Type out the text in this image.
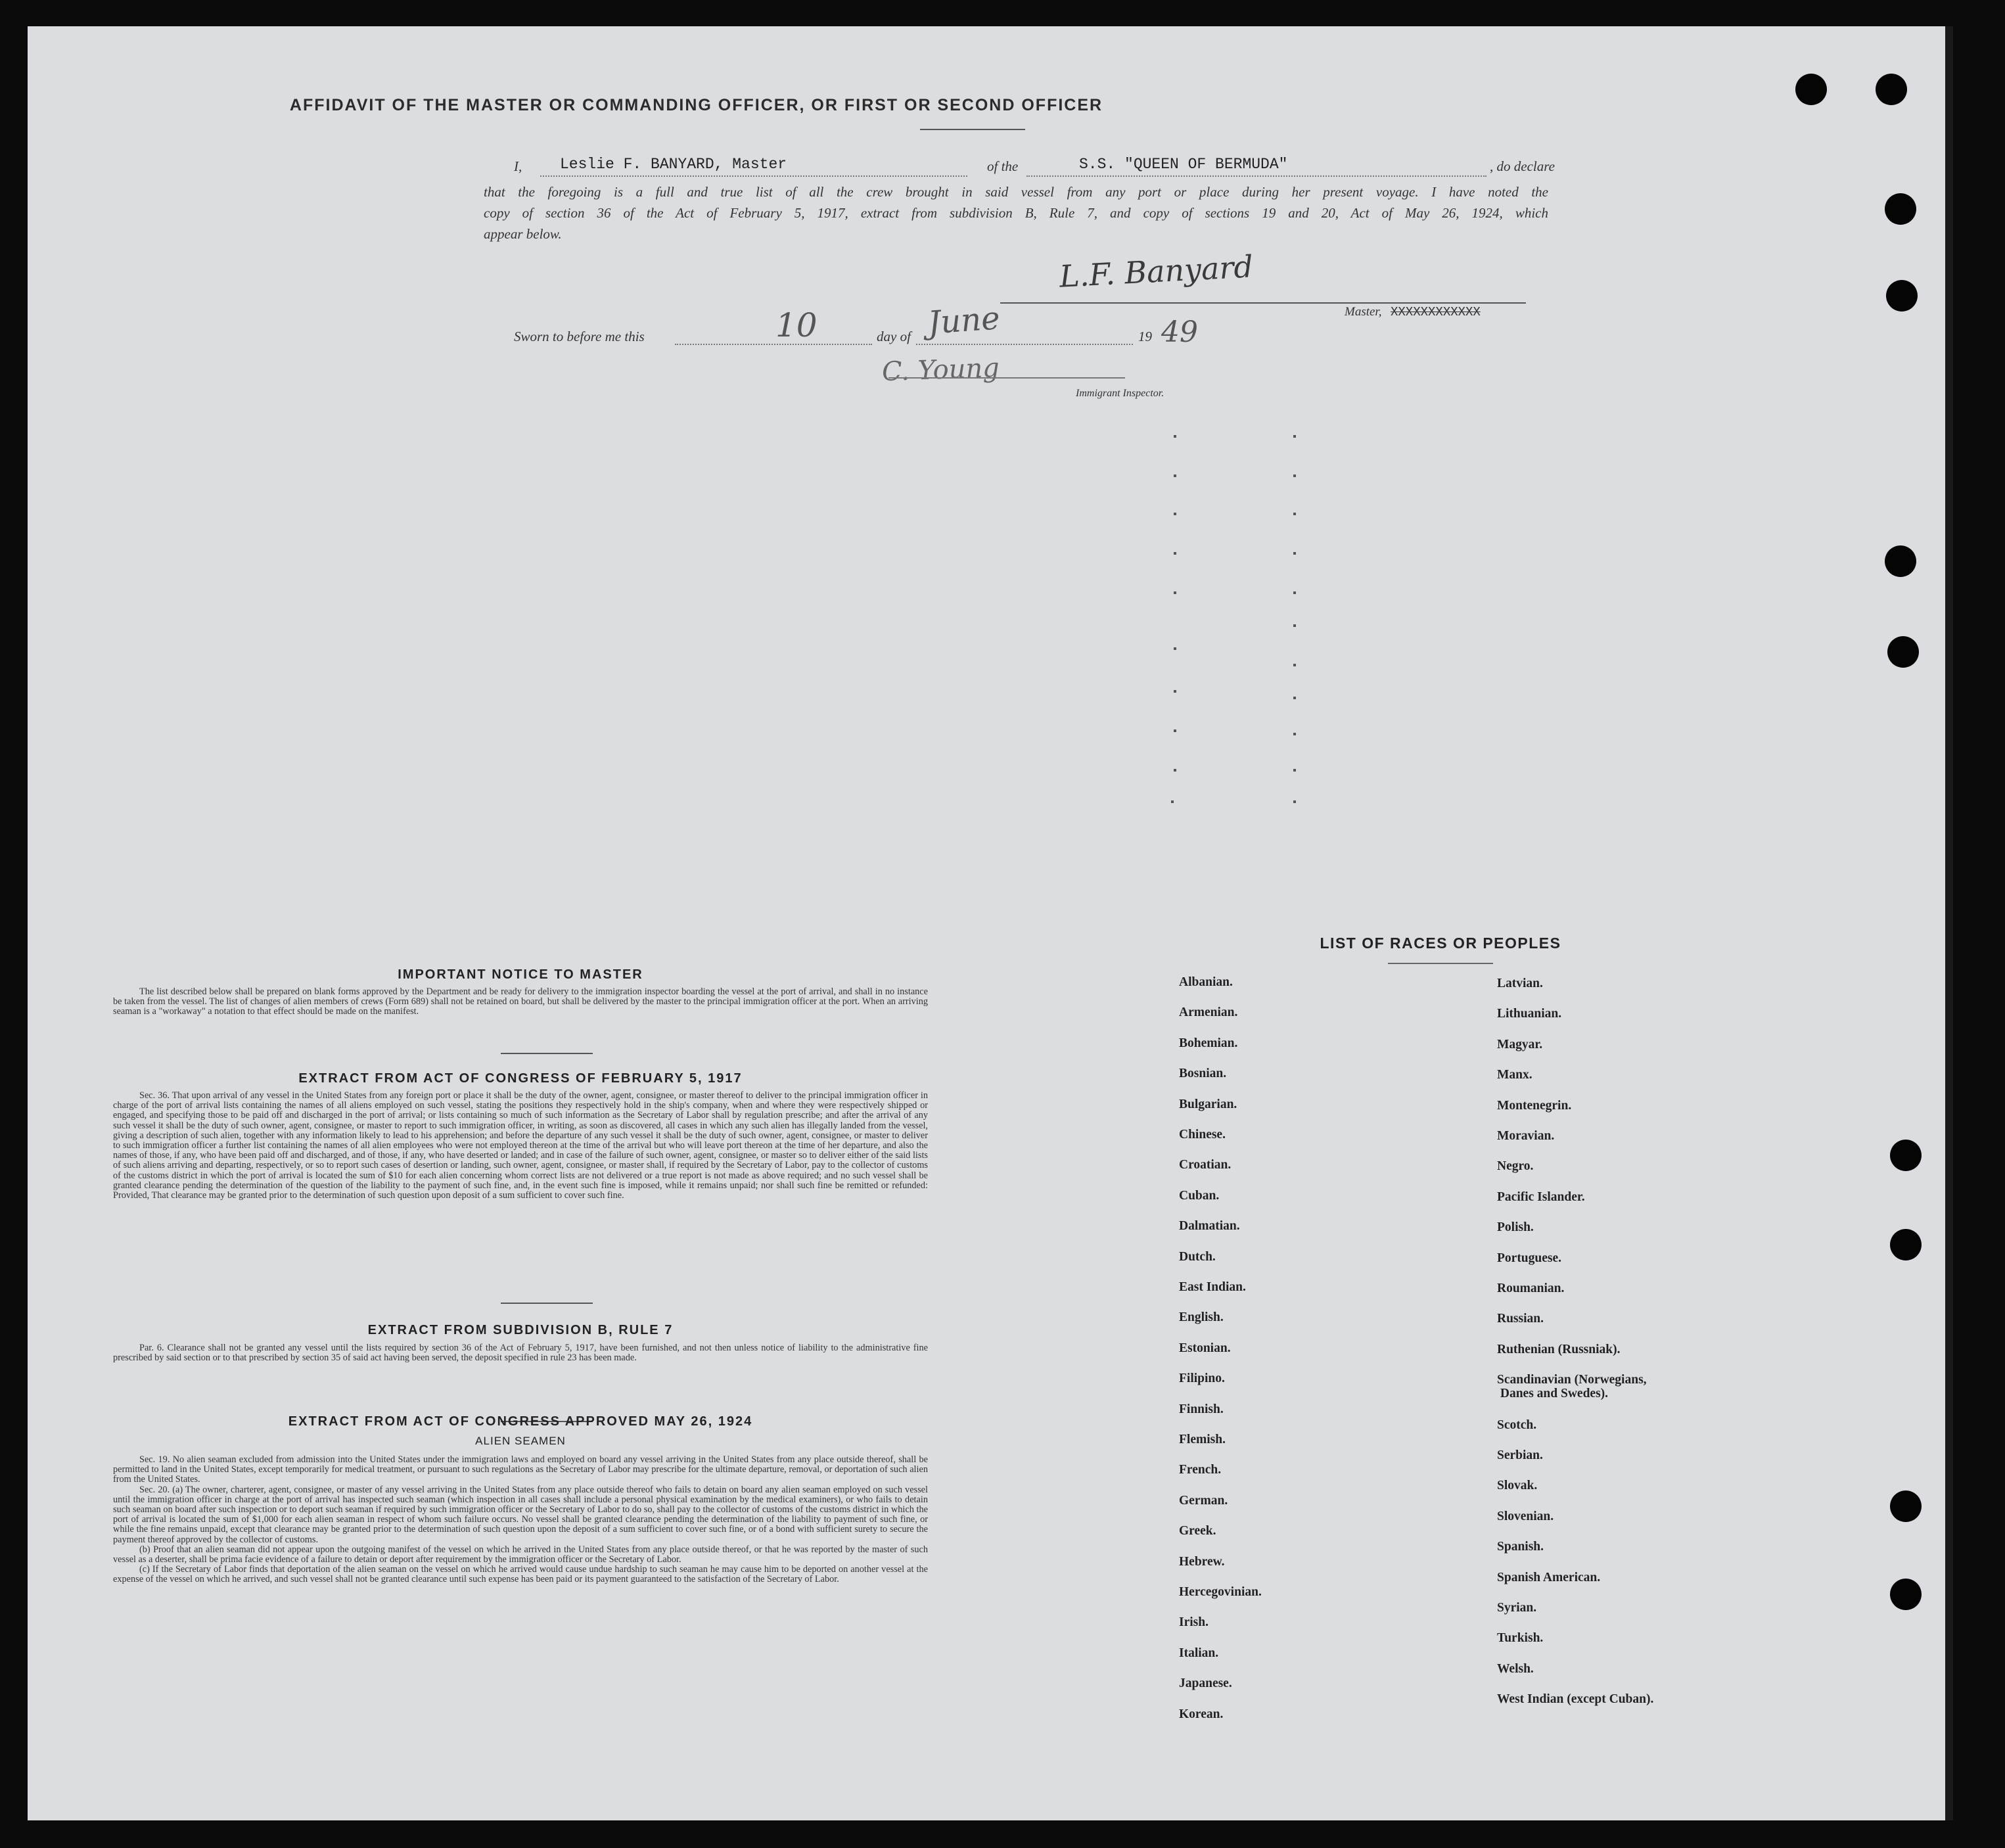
AFFIDAVIT OF THE MASTER OR COMMANDING OFFICER, OR FIRST OR SECOND OFFICER
I,	Leslie F. BANYARD, Master	of the	S.S. "QUEEN OF BERMUDA"	, do declare
that the foregoing is a full and true list of all the crew brought in said vessel from any port or place during her present voyage. I have noted the
copy of section 36 of the Act of February 5, 1917, extract from subdivision B, Rule 7, and copy of sections 19 and 20, Act of May 26, 1924, which
appear below.
L.F. Banyard
Master, XXXXXXXXXXXX
Sworn to before me this	10	day of June	19 49
C. Young
Immigrant Inspector.
IMPORTANT NOTICE TO MASTER
The list described below shall be prepared on blank forms approved by the Department and be ready for delivery to the immigration inspector boarding the vessel at the port of arrival, and shall in no instance be taken from the vessel. The list of changes of alien members of crews (Form 689) shall not be retained on board, but shall be delivered by the master to the principal immigration officer at the port. When an arriving seaman is a "workaway" a notation to that effect should be made on the manifest.
EXTRACT FROM ACT OF CONGRESS OF FEBRUARY 5, 1917
Sec. 36. That upon arrival of any vessel in the United States from any foreign port or place it shall be the duty of the owner, agent, consignee, or master thereof to deliver to the principal immigration officer in charge of the port of arrival lists containing the names of all aliens employed on such vessel, stating the positions they respectively hold in the ship's company, when and where they were respectively shipped or engaged, and specifying those to be paid off and discharged in the port of arrival; or lists containing so much of such information as the Secretary of Labor shall by regulation prescribe; and after the arrival of any such vessel it shall be the duty of such owner, agent, consignee, or master to report to such immigration officer, in writing, as soon as discovered, all cases in which any such alien has illegally landed from the vessel, giving a description of such alien, together with any information likely to lead to his apprehension; and before the departure of any such vessel it shall be the duty of such owner, agent, consignee, or master to deliver to such immigration officer a further list containing the names of all alien employees who were not employed thereon at the time of the arrival but who will leave port thereon at the time of her departure, and also the names of those, if any, who have been paid off and discharged, and of those, if any, who have deserted or landed; and in case of the failure of such owner, agent, consignee, or master so to deliver either of the said lists of such aliens arriving and departing, respectively, or so to report such cases of desertion or landing, such owner, agent, consignee, or master shall, if required by the Secretary of Labor, pay to the collector of customs of the customs district in which the port of arrival is located the sum of $10 for each alien concerning whom correct lists are not delivered or a true report is not made as above required; and no such vessel shall be granted clearance pending the determination of the question of the liability to the payment of such fine, and, in the event such fine is imposed, while it remains unpaid; nor shall such fine be remitted or refunded: Provided, That clearance may be granted prior to the determination of such question upon deposit of a sum sufficient to cover such fine.
EXTRACT FROM SUBDIVISION B, RULE 7
Par. 6. Clearance shall not be granted any vessel until the lists required by section 36 of the Act of February 5, 1917, have been furnished, and not then unless notice of liability to the administrative fine prescribed by said section or to that prescribed by section 35 of said act having been served, the deposit specified in rule 23 has been made.
EXTRACT FROM ACT OF CONGRESS APPROVED MAY 26, 1924
ALIEN SEAMEN
Sec. 19. No alien seaman excluded from admission into the United States under the immigration laws and employed on board any vessel arriving in the United States from any place outside thereof, shall be permitted to land in the United States, except temporarily for medical treatment, or pursuant to such regulations as the Secretary of Labor may prescribe for the ultimate departure, removal, or deportation of such alien from the United States.
Sec. 20. (a) The owner, charterer, agent, consignee, or master of any vessel arriving in the United States from any place outside thereof who fails to detain on board any alien seaman employed on such vessel until the immigration officer in charge at the port of arrival has inspected such seaman (which inspection in all cases shall include a personal physical examination by the medical examiners), or who fails to detain such seaman on board after such inspection or to deport such seaman if required by such immigration officer or the Secretary of Labor to do so, shall pay to the collector of customs of the customs district in which the port of arrival is located the sum of $1,000 for each alien seaman in respect of whom such failure occurs. No vessel shall be granted clearance pending the determination of the liability to payment of such fine, or while the fine remains unpaid, except that clearance may be granted prior to the determination of such question upon the deposit of a sum sufficient to cover such fine, or of a bond with sufficient surety to secure the payment thereof approved by the collector of customs.
(b) Proof that an alien seaman did not appear upon the outgoing manifest of the vessel on which he arrived in the United States from any place outside thereof, or that he was reported by the master of such vessel as a deserter, shall be prima facie evidence of a failure to detain or deport after requirement by the immigration officer or the Secretary of Labor.
(c) If the Secretary of Labor finds that deportation of the alien seaman on the vessel on which he arrived would cause undue hardship to such seaman he may cause him to be deported on another vessel at the expense of the vessel on which he arrived, and such vessel shall not be granted clearance until such expense has been paid or its payment guaranteed to the satisfaction of the Secretary of Labor.
LIST OF RACES OR PEOPLES
Albanian.
Armenian.
Bohemian.
Bosnian.
Bulgarian.
Chinese.
Croatian.
Cuban.
Dalmatian.
Dutch.
East Indian.
English.
Estonian.
Filipino.
Finnish.
Flemish.
French.
German.
Greek.
Hebrew.
Hercegovinian.
Irish.
Italian.
Japanese.
Korean.
Latvian.
Lithuanian.
Magyar.
Manx.
Montenegrin.
Moravian.
Negro.
Pacific Islander.
Polish.
Portuguese.
Roumanian.
Russian.
Ruthenian (Russniak).
Scandinavian (Norwegians,
Danes and Swedes).
Scotch.
Serbian.
Slovak.
Slovenian.
Spanish.
Spanish American.
Syrian.
Turkish.
Welsh.
West Indian (except Cuban).
